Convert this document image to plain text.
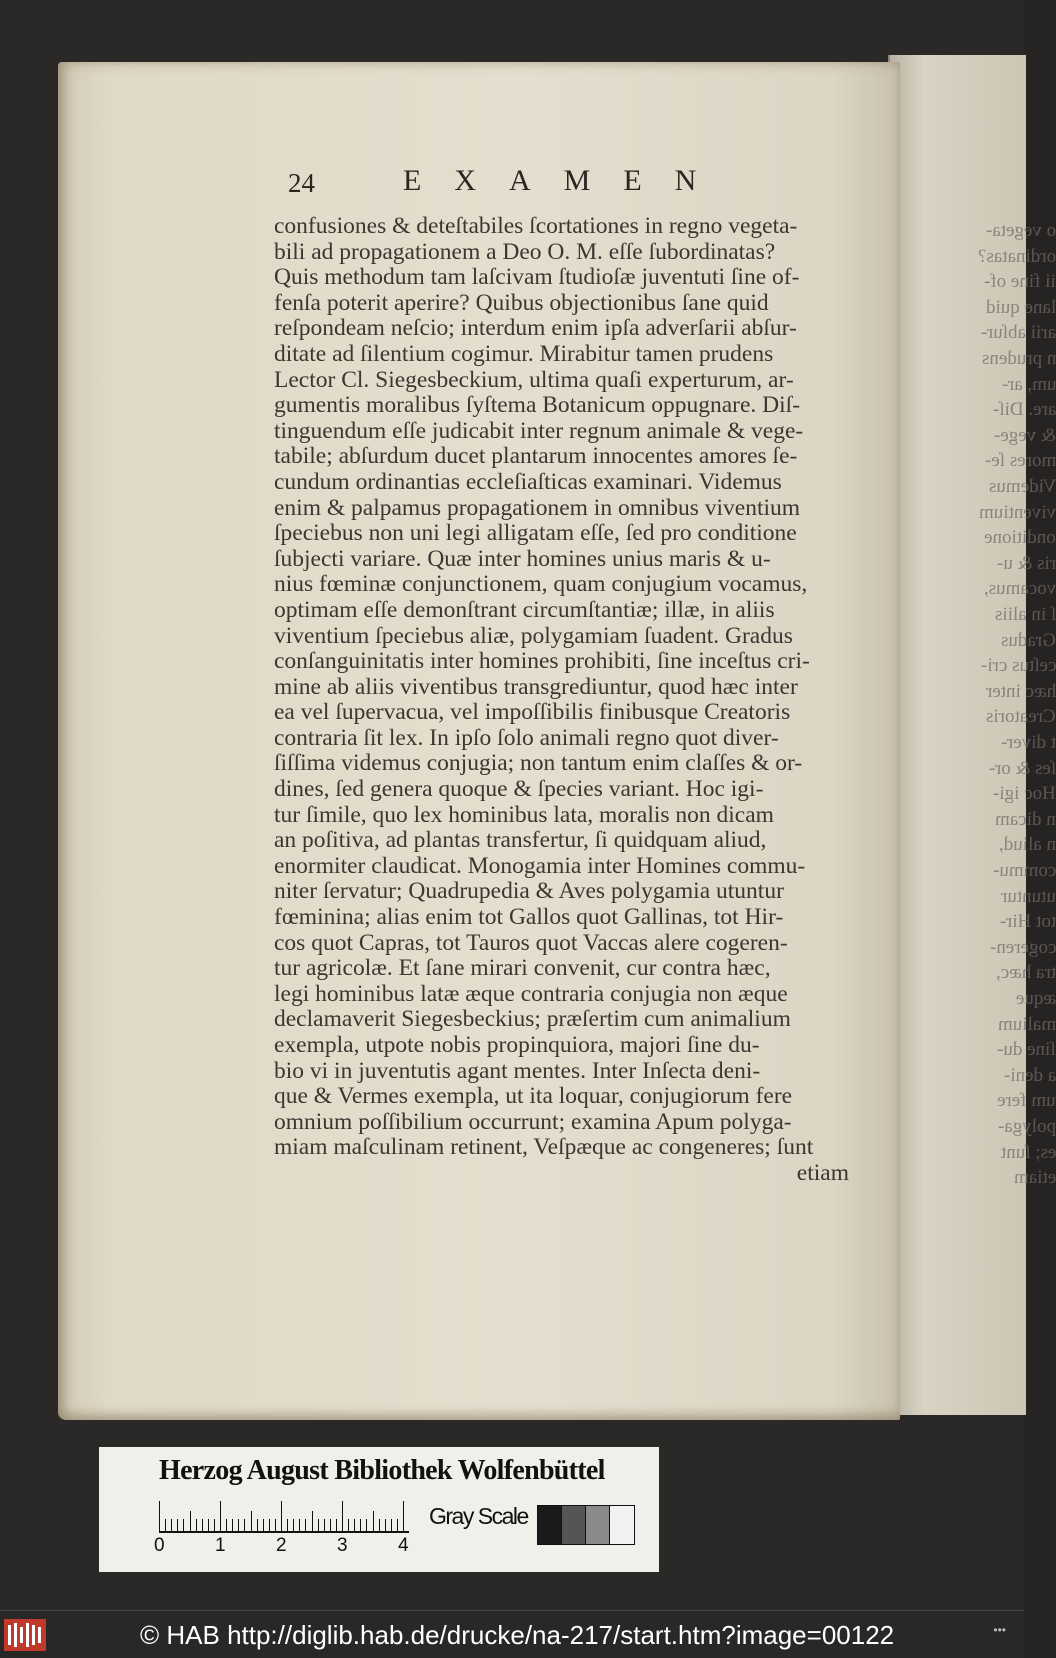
o vegeta-
ordinatas?
ii fine of-
lane quid
arii abſur-
n prudens
um, ar-
are. Diſ-
& vege-
mores ſe-
Videmus
viventium
onditione
ris & u-
vocamus,
ſ in aliis
Gradus
ceſtus cri-
hæc inter
Creatoris
t diver-
ſes & or-
Hoc igi-
n dicam
n aliud,
commu-
utuntur
tot Hir-
cogeren-
tra hæc,
æque
malium
ſine du-
a deni-
um fere
polyga-
es; ſunt
etiam
24	EXAMEN
confusiones & deteſtabiles ſcortationes in regno vegeta-
bili ad propagationem a Deo O. M. eſſe ſubordinatas?
Quis methodum tam laſcivam ſtudioſæ juventuti ſine of-
fenſa poterit aperire? Quibus objectionibus ſane quid
reſpondeam neſcio; interdum enim ipſa adverſarii abſur-
ditate ad ſilentium cogimur. Mirabitur tamen prudens
Lector Cl. Siegesbeckium, ultima quaſi experturum, ar-
gumentis moralibus ſyſtema Botanicum oppugnare. Diſ-
tinguendum eſſe judicabit inter regnum animale & vege-
tabile; abſurdum ducet plantarum innocentes amores ſe-
cundum ordinantias eccleſiaſticas examinari. Videmus
enim & palpamus propagationem in omnibus viventium
ſpeciebus non uni legi alligatam eſſe, ſed pro conditione
ſubjecti variare. Quæ inter homines unius maris & u-
nius fœminæ conjunctionem, quam conjugium vocamus,
optimam eſſe demonſtrant circumſtantiæ; illæ, in aliis
viventium ſpeciebus aliæ, polygamiam ſuadent. Gradus
conſanguinitatis inter homines prohibiti, ſine inceſtus cri-
mine ab aliis viventibus transgrediuntur, quod hæc inter
ea vel ſupervacua, vel impoſſibilis finibusque Creatoris
contraria ſit lex. In ipſo ſolo animali regno quot diver-
ſiſſima videmus conjugia; non tantum enim claſſes & or-
dines, ſed genera quoque & ſpecies variant. Hoc igi-
tur ſimile, quo lex hominibus lata, moralis non dicam
an poſitiva, ad plantas transfertur, ſi quidquam aliud,
enormiter claudicat. Monogamia inter Homines commu-
niter ſervatur; Quadrupedia & Aves polygamia utuntur
fœminina; alias enim tot Gallos quot Gallinas, tot Hir-
cos quot Capras, tot Tauros quot Vaccas alere cogeren-
tur agricolæ. Et ſane mirari convenit, cur contra hæc,
legi hominibus latæ æque contraria conjugia non æque
declamaverit Siegesbeckius; præſertim cum animalium
exempla, utpote nobis propinquiora, majori ſine du-
bio vi in juventutis agant mentes. Inter Inſecta deni-
que & Vermes exempla, ut ita loquar, conjugiorum fere
omnium poſſibilium occurrunt; examina Apum polyga-
miam maſculinam retinent, Veſpæque ac congeneres; ſunt
etiam
Herzog August Bibliothek Wolfenbüttel
0	1	2	3	4
Gray Scale
© HAB http://diglib.hab.de/drucke/na-217/start.htm?image=00122	•••
